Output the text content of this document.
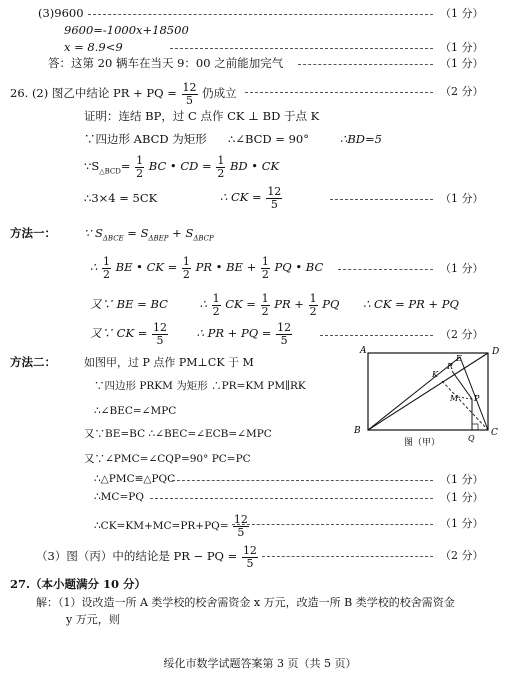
(3)9600	（1 分）
9600=-1000x+18500
x = 8.9<9	（1 分）
答：这第 20 辆车在当天 9：00 之前能加完气	（1 分）
26. (2) 图乙中结论 PR + PQ = $\frac{12}{5}$ 仍成立	（2 分）
证明：连结 BP，过 C 点作 CK ⊥ BD 于点 K
∵四边形 ABCD 为矩形 ∴∠BCD = 90°	∴BD=5
$\because S_{\triangle BCD}= \frac{1}{2}$ BC • CD = $\frac{1}{2}$ BD • CK
∴3×4 = 5CK	∴ CK = $\frac{12}{5}$	（1 分）
方法一： ∵ $S_{\Delta BCE} = S_{\Delta BEP} + S_{\Delta BCP}$
∴ $\frac{1}{2}$ BE • CK = $\frac{1}{2}$ PR • BE + $\frac{1}{2}$ PQ • BC	（1 分）
又∵ BE = BC	∴ $\frac{1}{2}$ CK = $\frac{1}{2}$ PR + $\frac{1}{2}$ PQ ∴ CK = PR + PQ
又∵ CK = $\frac{12}{5}$ ∴ PR + PQ = $\frac{12}{5}$	（2 分）
方法二：	如图甲，过 P 点作 PM⊥CK 于 M
∵四边形 PRKM 为矩形 ∴PR=KM PM∥RK
∴∠BEC=∠MPC
又∵BE=BC ∴∠BEC=∠ECB=∠MPC
又∵∠PMC=∠CQP=90° PC=PC
∴△PMC≌△PQC	（1 分）
∴MC=PQ	（1 分）
∴CK=KM+MC=PR+PQ= $\frac{12}{5}$	（1 分）
（3）图（丙）中的结论是 PR − PQ = $\frac{12}{5}$	（2 分）
27.（本小题满分 10 分）
解：（1）设改造一所 A 类学校的校舍需资金 x 万元，改造一所 B 类学校的校舍需资金
y 万元，则
绥化市数学试题答案第 3 页（共 5 页）
A	D
B	C
K
R
E
M P
Q
图（甲）
